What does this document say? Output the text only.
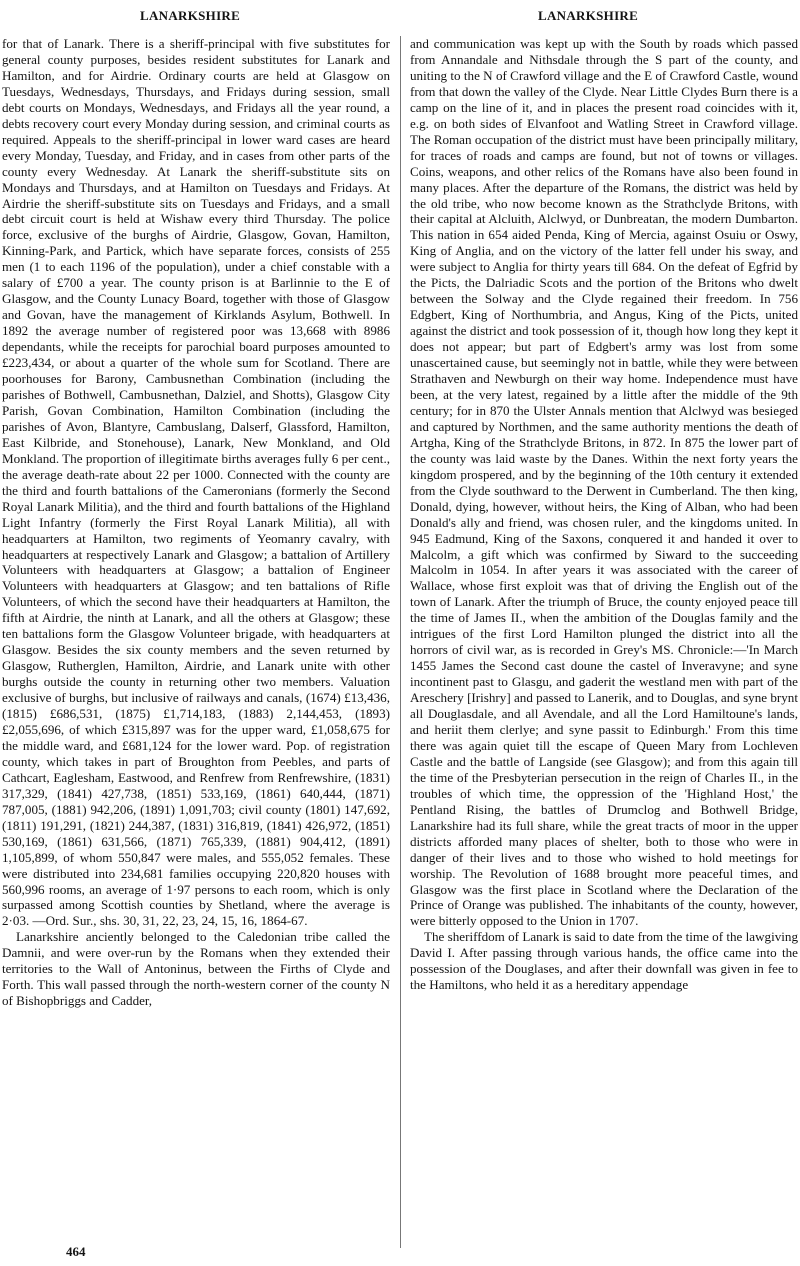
LANARKSHIRE	LANARKSHIRE

for that of Lanark. There is a sheriff-principal with five substitutes for general county purposes, besides resident substitutes for Lanark and Hamilton, and for Airdrie. Ordinary courts are held at Glasgow on Tuesdays, Wednesdays, Thursdays, and Fridays during session, small debt courts on Mondays, Wednesdays, and Fridays all the year round, a debts recovery court every Monday during session, and criminal courts as required. Appeals to the sheriff-principal in lower ward cases are heard every Monday, Tuesday, and Friday, and in cases from other parts of the county every Wednesday. At Lanark the sheriff-substitute sits on Mondays and Thursdays, and at Hamilton on Tuesdays and Fridays. At Airdrie the sheriff-substitute sits on Tuesdays and Fridays, and a small debt circuit court is held at Wishaw every third Thursday. The police force, exclusive of the burghs of Airdrie, Glasgow, Govan, Hamilton, Kinning-Park, and Partick, which have separate forces, consists of 255 men (1 to each 1196 of the population), under a chief constable with a salary of £700 a year. The county prison is at Barlinnie to the E of Glasgow, and the County Lunacy Board, together with those of Glasgow and Govan, have the management of Kirklands Asylum, Bothwell. In 1892 the average number of registered poor was 13,668 with 8986 dependants, while the receipts for parochial board purposes amounted to £223,434, or about a quarter of the whole sum for Scotland. There are poorhouses for Barony, Cambusnethan Combination (including the parishes of Bothwell, Cambusnethan, Dalziel, and Shotts), Glasgow City Parish, Govan Combination, Hamilton Combination (including the parishes of Avon, Blantyre, Cambuslang, Dalserf, Glassford, Hamilton, East Kilbride, and Stonehouse), Lanark, New Monkland, and Old Monkland. The proportion of illegitimate births averages fully 6 per cent., the average death-rate about 22 per 1000. Connected with the county are the third and fourth battalions of the Cameronians (formerly the Second Royal Lanark Militia), and the third and fourth battalions of the Highland Light Infantry (formerly the First Royal Lanark Militia), all with headquarters at Hamilton, two regiments of Yeomanry cavalry, with headquarters at respectively Lanark and Glasgow; a battalion of Artillery Volunteers with headquarters at Glasgow; a battalion of Engineer Volunteers with headquarters at Glasgow; and ten battalions of Rifle Volunteers, of which the second have their headquarters at Hamilton, the fifth at Airdrie, the ninth at Lanark, and all the others at Glasgow; these ten battalions form the Glasgow Volunteer brigade, with headquarters at Glasgow. Besides the six county members and the seven returned by Glasgow, Rutherglen, Hamilton, Airdrie, and Lanark unite with other burghs outside the county in returning other two members. Valuation exclusive of burghs, but inclusive of railways and canals, (1674) £13,436, (1815) £686,531, (1875) £1,714,183, (1883) 2,144,453, (1893) £2,055,696, of which £315,897 was for the upper ward, £1,058,675 for the middle ward, and £681,124 for the lower ward. Pop. of registration county, which takes in part of Broughton from Peebles, and parts of Cathcart, Eaglesham, Eastwood, and Renfrew from Renfrewshire, (1831) 317,329, (1841) 427,738, (1851) 533,169, (1861) 640,444, (1871) 787,005, (1881) 942,206, (1891) 1,091,703; civil county (1801) 147,692, (1811) 191,291, (1821) 244,387, (1831) 316,819, (1841) 426,972, (1851) 530,169, (1861) 631,566, (1871) 765,339, (1881) 904,412, (1891) 1,105,899, of whom 550,847 were males, and 555,052 females. These were distributed into 234,681 families occupying 220,820 houses with 560,996 rooms, an average of 1·97 persons to each room, which is only surpassed among Scottish counties by Shetland, where the average is 2·03. —Ord. Sur., shs. 30, 31, 22, 23, 24, 15, 16, 1864-67.

Lanarkshire anciently belonged to the Caledonian tribe called the Damnii, and were over-run by the Romans when they extended their territories to the Wall of Antoninus, between the Firths of Clyde and Forth. This wall passed through the north-western corner of the county N of Bishopbriggs and Cadder,

and communication was kept up with the South by roads which passed from Annandale and Nithsdale through the S part of the county, and uniting to the N of Crawford village and the E of Crawford Castle, wound from that down the valley of the Clyde. Near Little Clydes Burn there is a camp on the line of it, and in places the present road coincides with it, e.g. on both sides of Elvanfoot and Watling Street in Crawford village. The Roman occupation of the district must have been principally military, for traces of roads and camps are found, but not of towns or villages. Coins, weapons, and other relics of the Romans have also been found in many places. After the departure of the Romans, the district was held by the old tribe, who now become known as the Strathclyde Britons, with their capital at Alcluith, Alclwyd, or Dunbreatan, the modern Dumbarton. This nation in 654 aided Penda, King of Mercia, against Osuiu or Oswy, King of Anglia, and on the victory of the latter fell under his sway, and were subject to Anglia for thirty years till 684. On the defeat of Egfrid by the Picts, the Dalriadic Scots and the portion of the Britons who dwelt between the Solway and the Clyde regained their freedom. In 756 Edgbert, King of Northumbria, and Angus, King of the Picts, united against the district and took possession of it, though how long they kept it does not appear; but part of Edgbert's army was lost from some unascertained cause, but seemingly not in battle, while they were between Strathaven and Newburgh on their way home. Independence must have been, at the very latest, regained by a little after the middle of the 9th century; for in 870 the Ulster Annals mention that Alclwyd was besieged and captured by Northmen, and the same authority mentions the death of Artgha, King of the Strathclyde Britons, in 872. In 875 the lower part of the county was laid waste by the Danes. Within the next forty years the kingdom prospered, and by the beginning of the 10th century it extended from the Clyde southward to the Derwent in Cumberland. The then king, Donald, dying, however, without heirs, the King of Alban, who had been Donald's ally and friend, was chosen ruler, and the kingdoms united. In 945 Eadmund, King of the Saxons, conquered it and handed it over to Malcolm, a gift which was confirmed by Siward to the succeeding Malcolm in 1054. In after years it was associated with the career of Wallace, whose first exploit was that of driving the English out of the town of Lanark. After the triumph of Bruce, the county enjoyed peace till the time of James II., when the ambition of the Douglas family and the intrigues of the first Lord Hamilton plunged the district into all the horrors of civil war, as is recorded in Grey's MS. Chronicle:—'In March 1455 James the Second cast doune the castel of Inveravyne; and syne incontinent past to Glasgu, and gaderit the westland men with part of the Areschery [Irishry] and passed to Lanerik, and to Douglas, and syne brynt all Douglasdale, and all Avendale, and all the Lord Hamiltoune's lands, and heriit them clerlye; and syne passit to Edinburgh.' From this time there was again quiet till the escape of Queen Mary from Lochleven Castle and the battle of Langside (see Glasgow); and from this again till the time of the Presbyterian persecution in the reign of Charles II., in the troubles of which time, the oppression of the 'Highland Host,' the Pentland Rising, the battles of Drumclog and Bothwell Bridge, Lanarkshire had its full share, while the great tracts of moor in the upper districts afforded many places of shelter, both to those who were in danger of their lives and to those who wished to hold meetings for worship. The Revolution of 1688 brought more peaceful times, and Glasgow was the first place in Scotland where the Declaration of the Prince of Orange was published. The inhabitants of the county, however, were bitterly opposed to the Union in 1707.

The sheriffdom of Lanark is said to date from the time of the lawgiving David I. After passing through various hands, the office came into the possession of the Douglases, and after their downfall was given in fee to the Hamiltons, who held it as a hereditary appendage

464
